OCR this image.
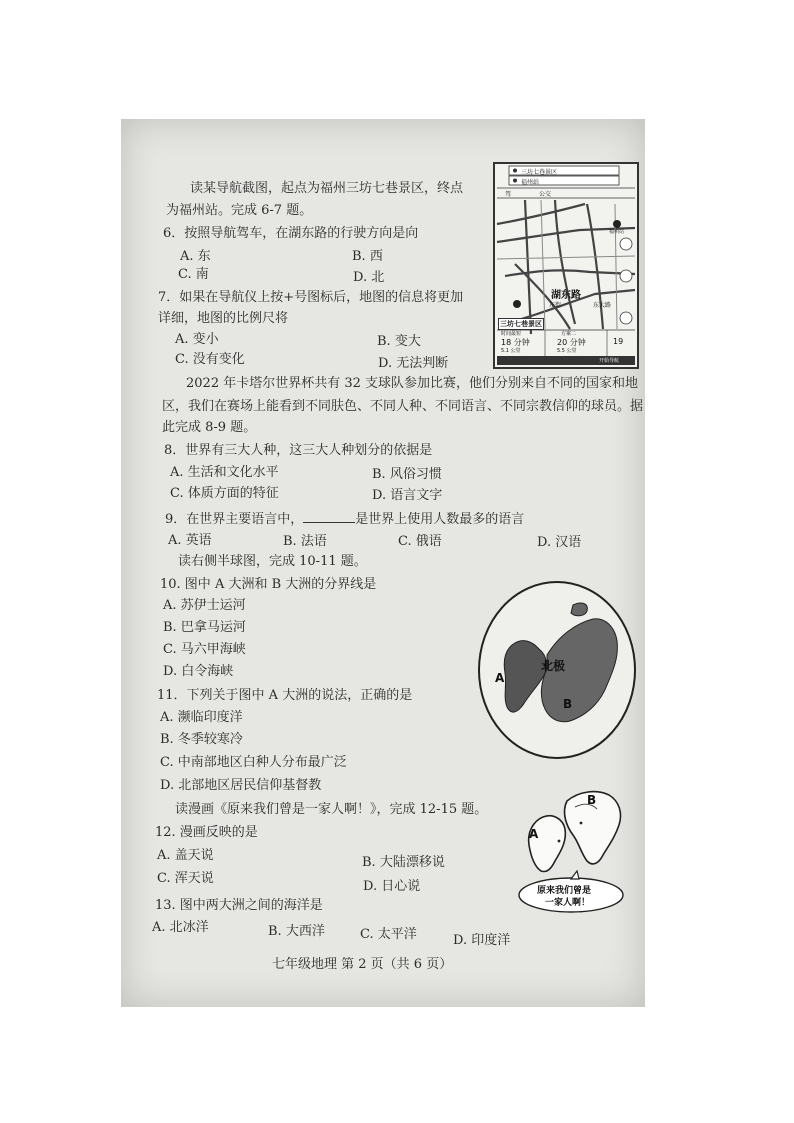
读某导航截图，起点为福州三坊七巷景区，终点
为福州站。完成 6-7 题。
6．按照导航驾车，在湖东路的行驶方向是向
A. 东	B. 西
C. 南	D. 北
7．如果在导航仪上按+号图标后，地图的信息将更加
详细，地图的比例尺将
A. 变小	B. 变大
C. 没有变化	D. 无法判断
三坊七巷景区
福州站
驾	公交
福州站
湖东路
东街	东大路
三坊七巷景区
时间最短
18 分钟
5.1 公里
方案二
20 分钟
5.5 公里
19
开始导航
2022 年卡塔尔世界杯共有 32 支球队参加比赛，他们分别来自不同的国家和地
区，我们在赛场上能看到不同肤色、不同人种、不同语言、不同宗教信仰的球员。据
此完成 8-9 题。
8．世界有三大人种，这三大人种划分的依据是
A. 生活和文化水平	B. 风俗习惯
C. 体质方面的特征	D. 语言文字
9．在世界主要语言中，	是世界上使用人数最多的语言
A. 英语	B. 法语	C. 俄语	D. 汉语
读右侧半球图，完成 10-11 题。
10. 图中 A 大洲和 B 大洲的分界线是
A. 苏伊士运河
B. 巴拿马运河
C. 马六甲海峡
D. 白令海峡	北极
A
B
11．下列关于图中 A 大洲的说法，正确的是
A. 濒临印度洋
B. 冬季较寒冷
C. 中南部地区白种人分布最广泛
D. 北部地区居民信仰基督教
读漫画《原来我们曾是一家人啊！》，完成 12-15 题。
A
B
原来我们曾是
一家人啊！
12. 漫画反映的是
A. 盖天说	B. 大陆漂移说
C. 浑天说
D. 日心说
13. 图中两大洲之间的海洋是
A. 北冰洋	B. 大西洋	C. 太平洋	D. 印度洋
七年级地理 第 2 页（共 6 页）
